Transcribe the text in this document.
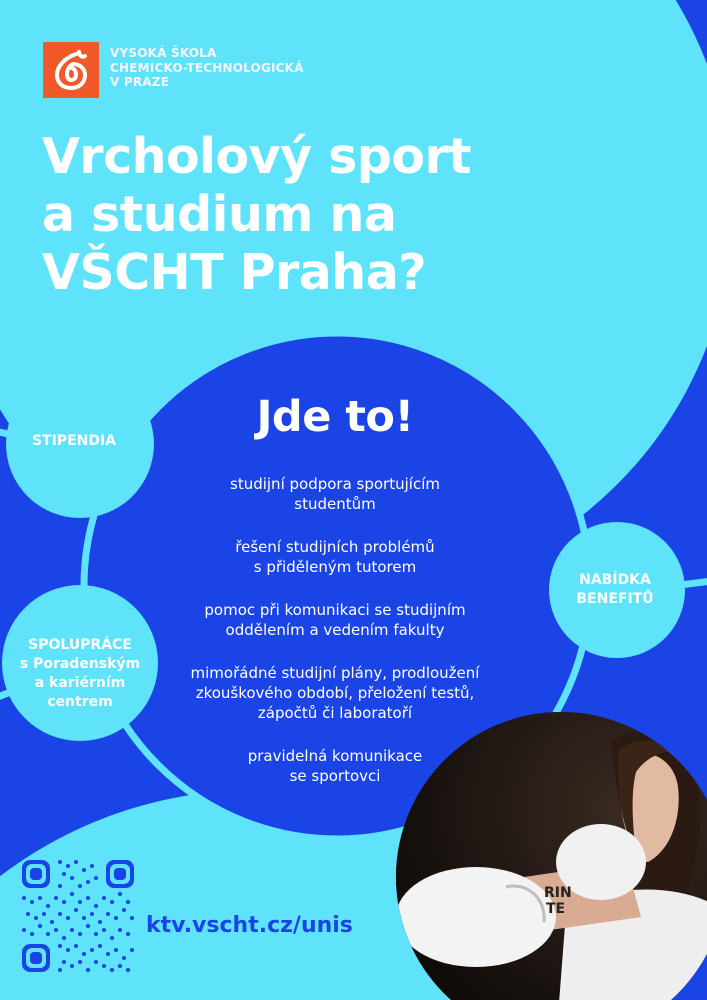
VYSOKÁ ŠKOLA
CHEMICKO-TECHNOLOGICKÁ
V PRAZE
Vrcholový sport
a studium na
VŠCHT Praha?
Jde to!
studijní podpora sportujícím
studentům
řešení studijních problémů
s přiděleným tutorem
pomoc při komunikaci se studijním
oddělením a vedením fakulty
mimořádné studijní plány, prodloužení
zkouškového období, přeložení testů,
zápočtů či laboratoří
pravidelná komunikace
se sportovci
STIPENDIA
NABÍDKA
BENEFITŮ
SPOLUPRÁCE
s Poradenským
a kariérním
centrem
RIN
TE
ktv.vscht.cz/unis
